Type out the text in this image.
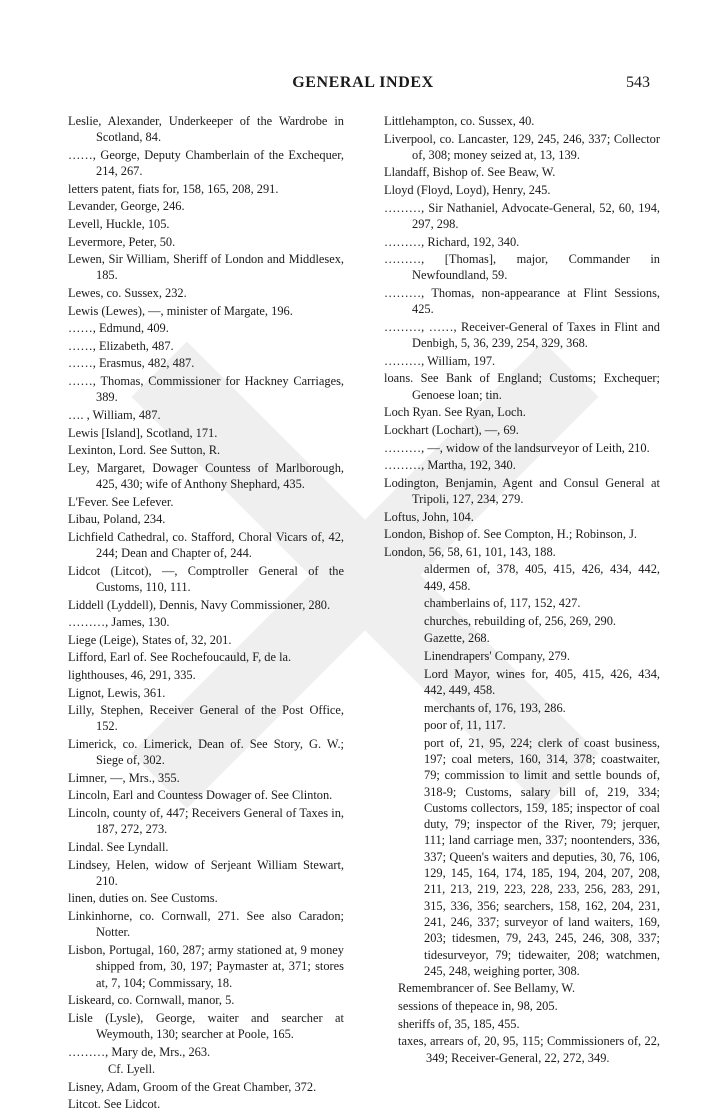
GENERAL INDEX	543

Leslie, Alexander, Underkeeper of the Wardrobe in Scotland, 84.

……, George, Deputy Chamberlain of the Exchequer, 214, 267.

letters patent, fiats for, 158, 165, 208, 291.

Levander, George, 246.

Levell, Huckle, 105.

Levermore, Peter, 50.

Lewen, Sir William, Sheriff of London and Middlesex, 185.

Lewes, co. Sussex, 232.

Lewis (Lewes), —, minister of Margate, 196.

……, Edmund, 409.

……, Elizabeth, 487.

……, Erasmus, 482, 487.

……, Thomas, Commissioner for Hackney Carriages, 389.

…. , William, 487.

Lewis [Island], Scotland, 171.

Lexinton, Lord. See Sutton, R.

Ley, Margaret, Dowager Countess of Marlborough, 425, 430; wife of Anthony Shephard, 435.

L'Fever. See Lefever.

Libau, Poland, 234.

Lichfield Cathedral, co. Stafford, Choral Vicars of, 42, 244; Dean and Chapter of, 244.

Lidcot (Litcot), —, Comptroller General of the Customs, 110, 111.

Liddell (Lyddell), Dennis, Navy Commissioner, 280.

………, James, 130.

Liege (Leige), States of, 32, 201.

Lifford, Earl of. See Rochefoucauld, F, de la.

lighthouses, 46, 291, 335.

Lignot, Lewis, 361.

Lilly, Stephen, Receiver General of the Post Office, 152.

Limerick, co. Limerick, Dean of. See Story, G. W.; Siege of, 302.

Limner, —, Mrs., 355.

Lincoln, Earl and Countess Dowager of. See Clinton.

Lincoln, county of, 447; Receivers General of Taxes in, 187, 272, 273.

Lindal. See Lyndall.

Lindsey, Helen, widow of Serjeant William Stewart, 210.

linen, duties on. See Customs.

Linkinhorne, co. Cornwall, 271. See also Caradon; Notter.

Lisbon, Portugal, 160, 287; army stationed at, 9 money shipped from, 30, 197; Paymaster at, 371; stores at, 7, 104; Commissary, 18.

Liskeard, co. Cornwall, manor, 5.

Lisle (Lysle), George, waiter and searcher at Weymouth, 130; searcher at Poole, 165.

………, Mary de, Mrs., 263.

Cf. Lyell.

Lisney, Adam, Groom of the Great Chamber, 372.

Litcot. See Lidcot.

Littlehampton, co. Sussex, 40.

Liverpool, co. Lancaster, 129, 245, 246, 337; Collector of, 308; money seized at, 13, 139.

Llandaff, Bishop of. See Beaw, W.

Lloyd (Floyd, Loyd), Henry, 245.

………, Sir Nathaniel, Advocate-General, 52, 60, 194, 297, 298.

………, Richard, 192, 340.

………, [Thomas], major, Commander in Newfoundland, 59.

………, Thomas, non-appearance at Flint Sessions, 425.

………, ……, Receiver-General of Taxes in Flint and Denbigh, 5, 36, 239, 254, 329, 368.

………, William, 197.

loans. See Bank of England; Customs; Exchequer; Genoese loan; tin.

Loch Ryan. See Ryan, Loch.

Lockhart (Lochart), —, 69.

………, —, widow of the landsurveyor of Leith, 210.

………, Martha, 192, 340.

Lodington, Benjamin, Agent and Consul General at Tripoli, 127, 234, 279.

Loftus, John, 104.

London, Bishop of. See Compton, H.; Robinson, J.

London, 56, 58, 61, 101, 143, 188.

aldermen of, 378, 405, 415, 426, 434, 442, 449, 458.

chamberlains of, 117, 152, 427.

churches, rebuilding of, 256, 269, 290.

Gazette, 268.

Linendrapers' Company, 279.

Lord Mayor, wines for, 405, 415, 426, 434, 442, 449, 458.

merchants of, 176, 193, 286.

poor of, 11, 117.

port of, 21, 95, 224; clerk of coast business, 197; coal meters, 160, 314, 378; coastwaiter, 79; commission to limit and settle bounds of, 318-9; Customs, salary bill of, 219, 334; Customs collectors, 159, 185; inspector of coal duty, 79; inspector of the River, 79; jerquer, 111; land carriage men, 337; noontenders, 336, 337; Queen's waiters and deputies, 30, 76, 106, 129, 145, 164, 174, 185, 194, 204, 207, 208, 211, 213, 219, 223, 228, 233, 256, 283, 291, 315, 336, 356; searchers, 158, 162, 204, 231, 241, 246, 337; surveyor of land waiters, 169, 203; tidesmen, 79, 243, 245, 246, 308, 337; tidesurveyor, 79; tidewaiter, 208; watchmen, 245, 248, weighing porter, 308.

Remembrancer of. See Bellamy, W.

sessions of thepeace in, 98, 205.

sheriffs of, 35, 185, 455.

taxes, arrears of, 20, 95, 115; Commissioners of, 22, 349; Receiver-General, 22, 272, 349.
